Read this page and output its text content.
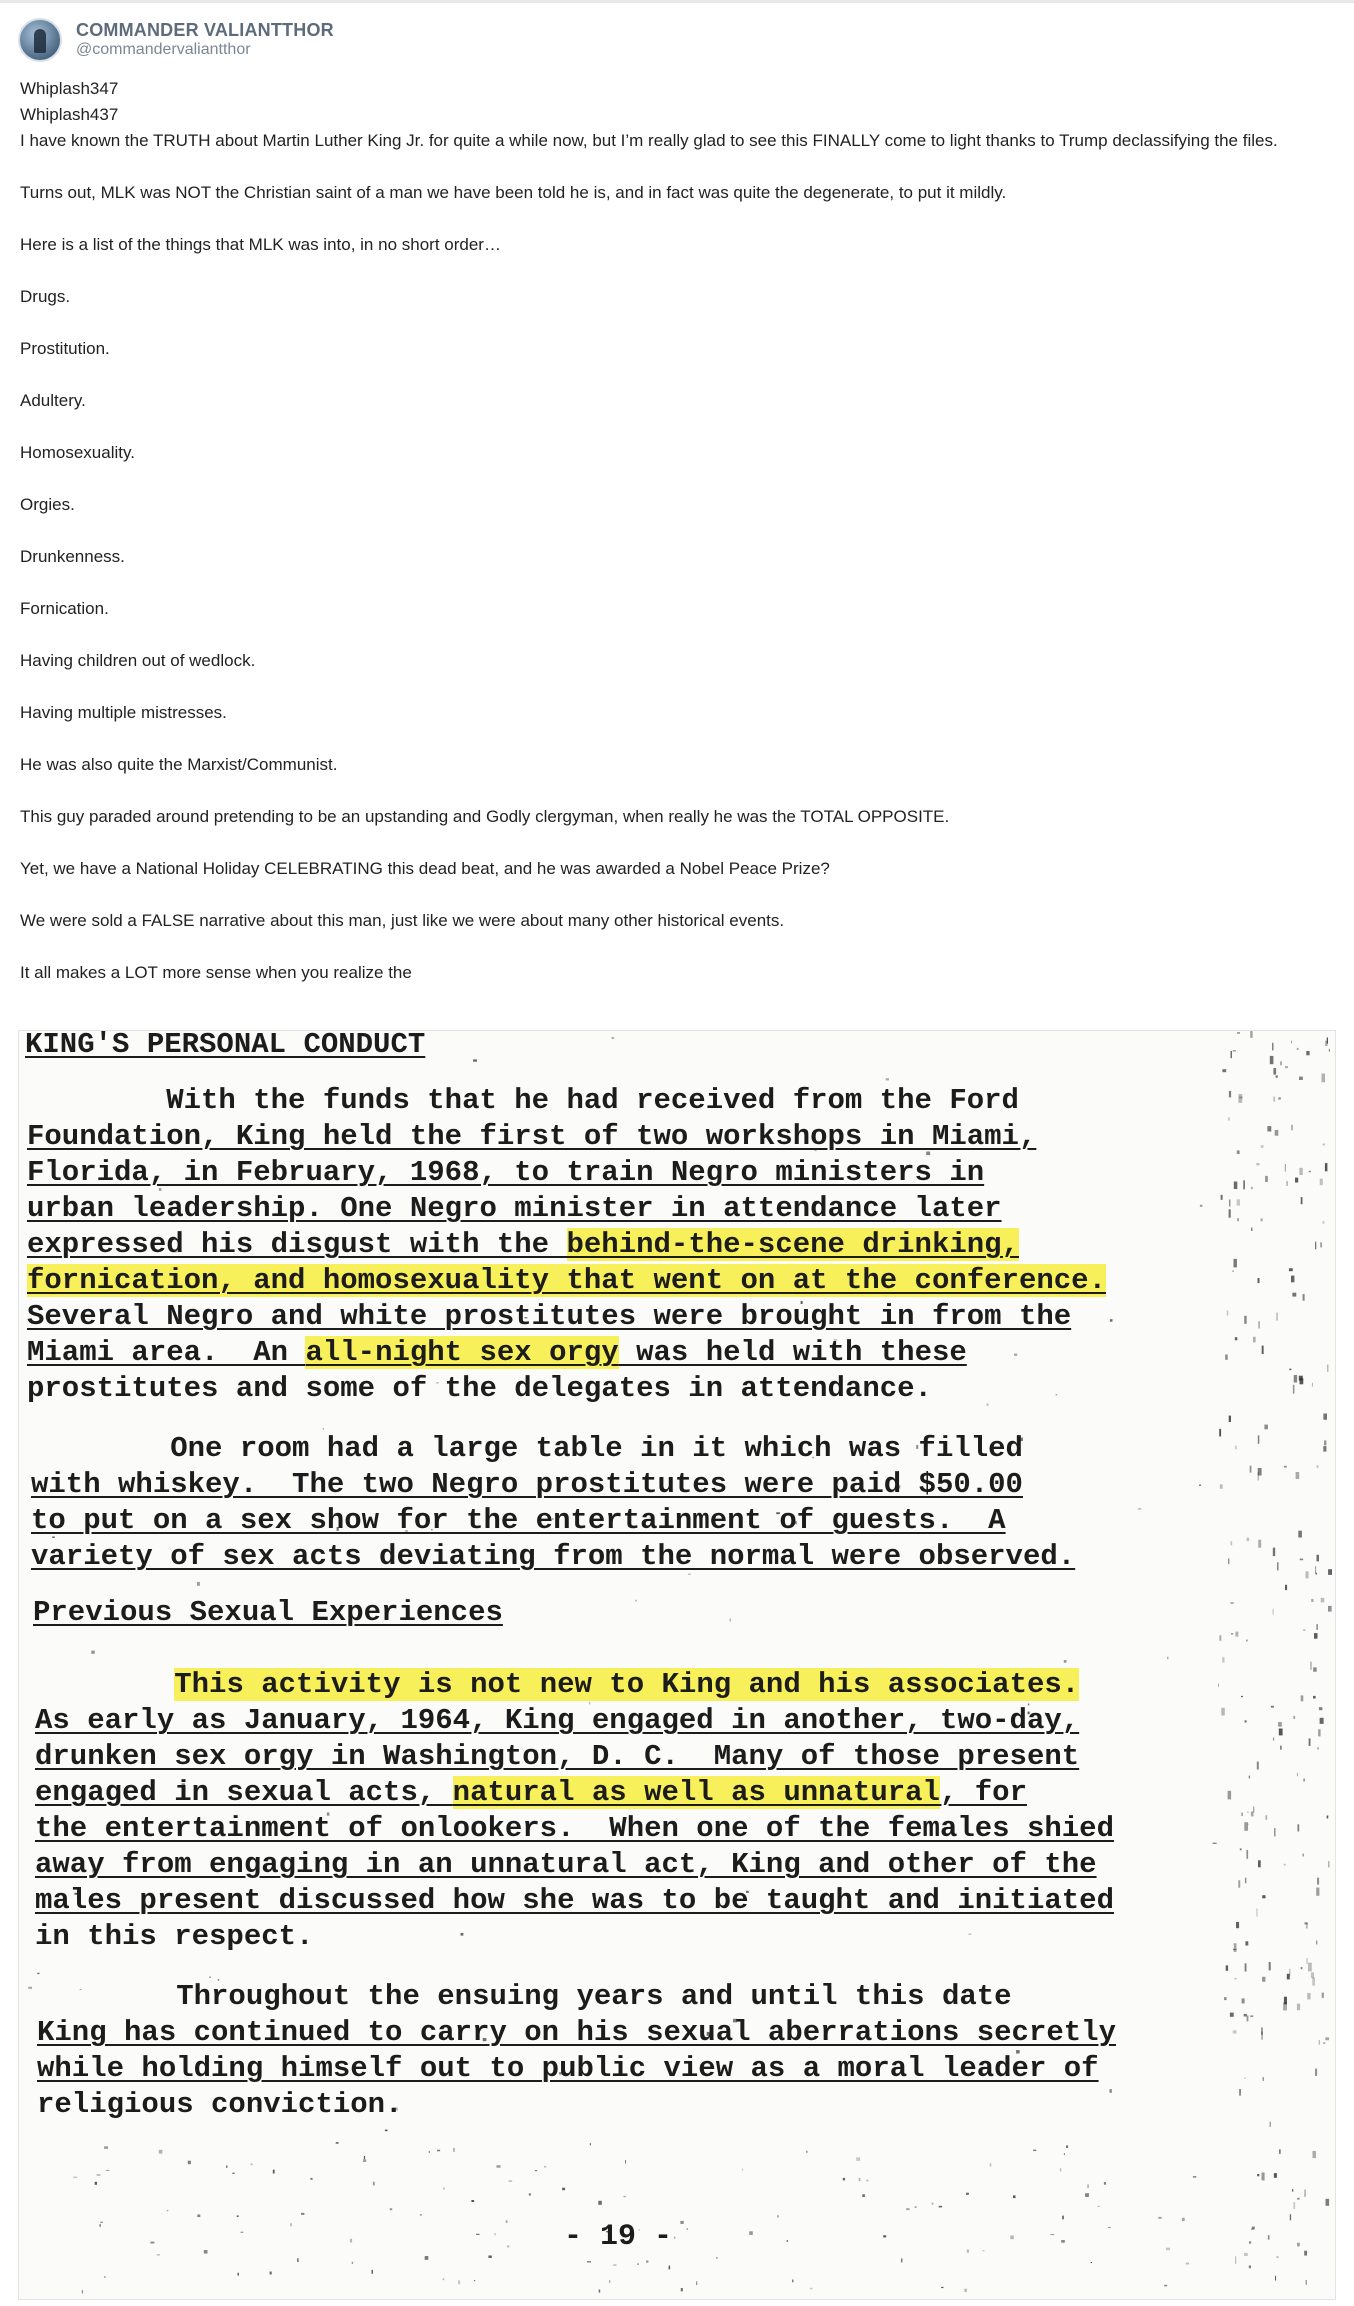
COMMANDER VALIANTTHOR
@commandervaliantthor

Whiplash347

Whiplash437

I have known the TRUTH about Martin Luther King Jr. for quite a while now, but I’m really glad to see this FINALLY come to light thanks to Trump declassifying the files.

Turns out, MLK was NOT the Christian saint of a man we have been told he is, and in fact was quite the degenerate, to put it mildly.

Here is a list of the things that MLK was into, in no short order…

Drugs.

Prostitution.

Adultery.

Homosexuality.

Orgies.

Drunkenness.

Fornication.

Having children out of wedlock.

Having multiple mistresses.

He was also quite the Marxist/Communist.

This guy paraded around pretending to be an upstanding and Godly clergyman, when really he was the TOTAL OPPOSITE.

Yet, we have a National Holiday CELEBRATING this dead beat, and he was awarded a Nobel Peace Prize?

We were sold a FALSE narrative about this man, just like we were about many other historical events.

It all makes a LOT more sense when you realize the

KING'S PERSONAL CONDUCT
With the funds that he had received from the Ford
Foundation, King held the first of two workshops in Miami,
Florida, in February, 1968, to train Negro ministers in
urban leadership. One Negro minister in attendance later
expressed his disgust with the behind-the-scene drinking,
fornication, and homosexuality that went on at the conference.
Several Negro and white prostitutes were brought in from the
Miami area.  An all-night sex orgy was held with these
prostitutes and some of the delegates in attendance.
One room had a large table in it which was filled
with whiskey.  The two Negro prostitutes were paid $50.00
to put on a sex show for the entertainment of guests.  A
variety of sex acts deviating from the normal were observed.
Previous Sexual Experiences
This activity is not new to King and his associates.
As early as January, 1964, King engaged in another, two-day,
drunken sex orgy in Washington, D. C.  Many of those present
engaged in sexual acts, natural as well as unnatural, for
the entertainment of onlookers.  When one of the females shied
away from engaging in an unnatural act, King and other of the
males present discussed how she was to be taught and initiated
in this respect.
Throughout the ensuing years and until this date
King has continued to carry on his sexual aberrations secretly
while holding himself out to public view as a moral leader of
religious conviction.
- 19 -
